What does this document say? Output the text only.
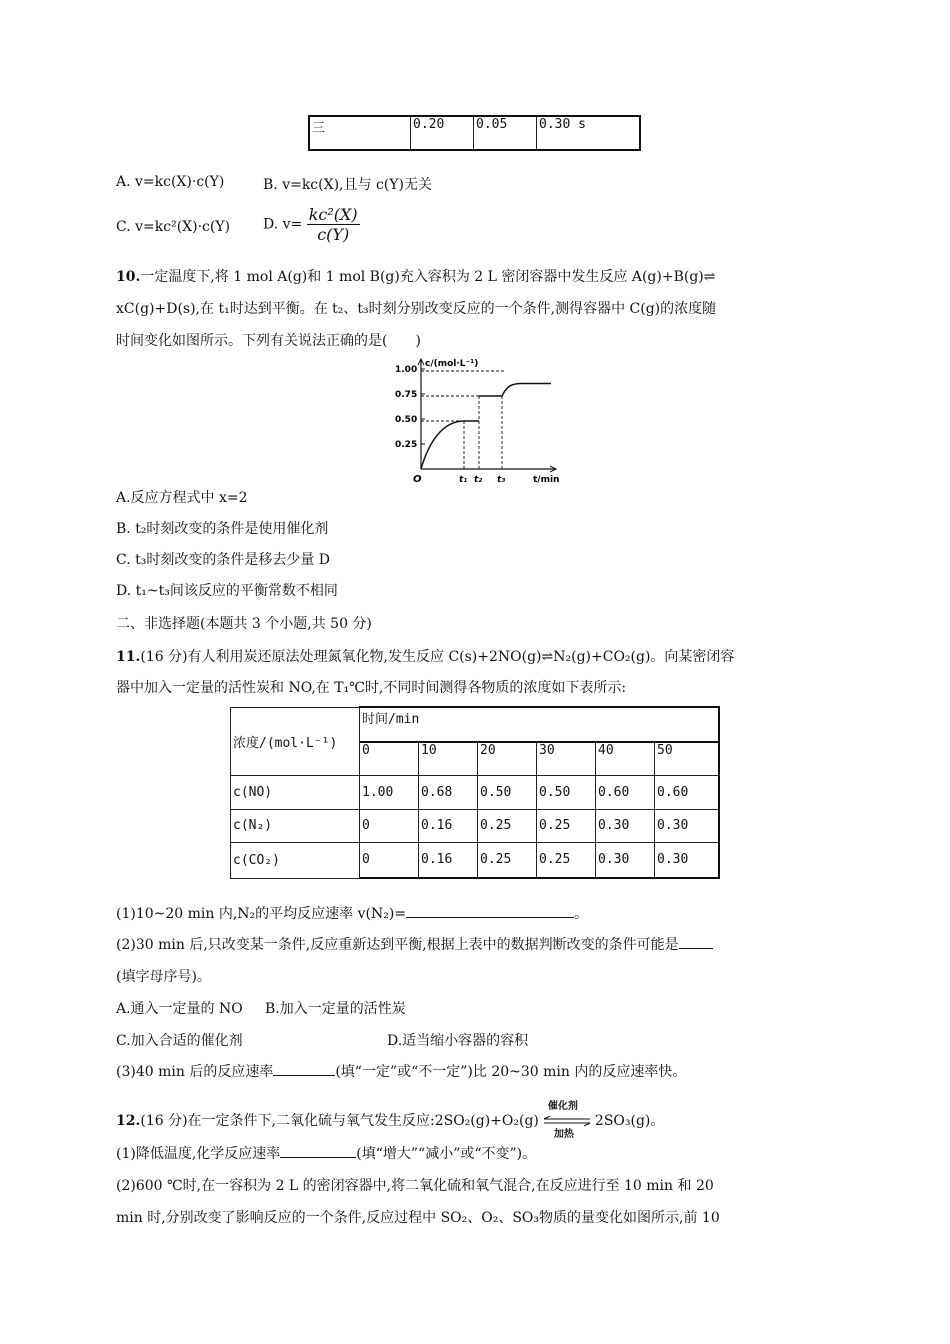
三	0.20	0.05	0.30 s
A. v=kc(X)·c(Y)	B. v=kc(X),且与 c(Y)无关
C. v=kc²(X)·c(Y) D. $v= \frac{\text{kc²(X)}}{c(Y)}$
10.一定温度下,将 1 mol A(g)和 1 mol B(g)充入容积为 2 L 密闭容器中发生反应 A(g)+B(g)⇌
xC(g)+D(s),在 t₁时达到平衡。在 t₂、t₃时刻分别改变反应的一个条件,测得容器中 C(g)的浓度随
时间变化如图所示。下列有关说法正确的是(　　)
c/(mol·L⁻¹)
t/min
O
1.00
0.75
0.50
0.25
t₁ t₂ t₃
A.反应方程式中 x=2
B. t₂时刻改变的条件是使用催化剂
C. t₃时刻改变的条件是移去少量 D
D. t₁~t₃间该反应的平衡常数不相同
二、非选择题(本题共 3 个小题,共 50 分)
11.(16 分)有人利用炭还原法处理氮氧化物,发生反应 C(s)+2NO(g)⇌N₂(g)+CO₂(g)。向某密闭容
器中加入一定量的活性炭和 NO,在 T₁℃时,不同时间测得各物质的浓度如下表所示:
浓度/(mol·L⁻¹)	时间/min					
	0	10	20	30	40	50
c(NO)	1.00	0.68	0.50	0.50	0.60	0.60
c(N₂)	0	0.16	0.25	0.25	0.30	0.30
c(CO₂)	0	0.16	0.25	0.25	0.30	0.30
(1)10~20 min 内,N₂的平均反应速率 v(N₂)=	。
(2)30 min 后,只改变某一条件,反应重新达到平衡,根据上表中的数据判断改变的条件可能是
(填字母序号)。
A.通入一定量的 NO B.加入一定量的活性炭
C.加入合适的催化剂	D.适当缩小容器的容积
(3)40 min 后的反应速率	(填“一定”或“不一定”)比 20~30 min 内的反应速率快。
12.(16 分)在一定条件下,二氧化硫与氧气发生反应:2SO₂(g)+O₂(g)
催化剂
加热
2SO₃(g)。
(1)降低温度,化学反应速率	(填“增大”“减小”或“不变”)。
(2)600 ℃时,在一容积为 2 L 的密闭容器中,将二氧化硫和氧气混合,在反应进行至 10 min 和 20
min 时,分别改变了影响反应的一个条件,反应过程中 SO₂、O₂、SO₃物质的量变化如图所示,前 10
